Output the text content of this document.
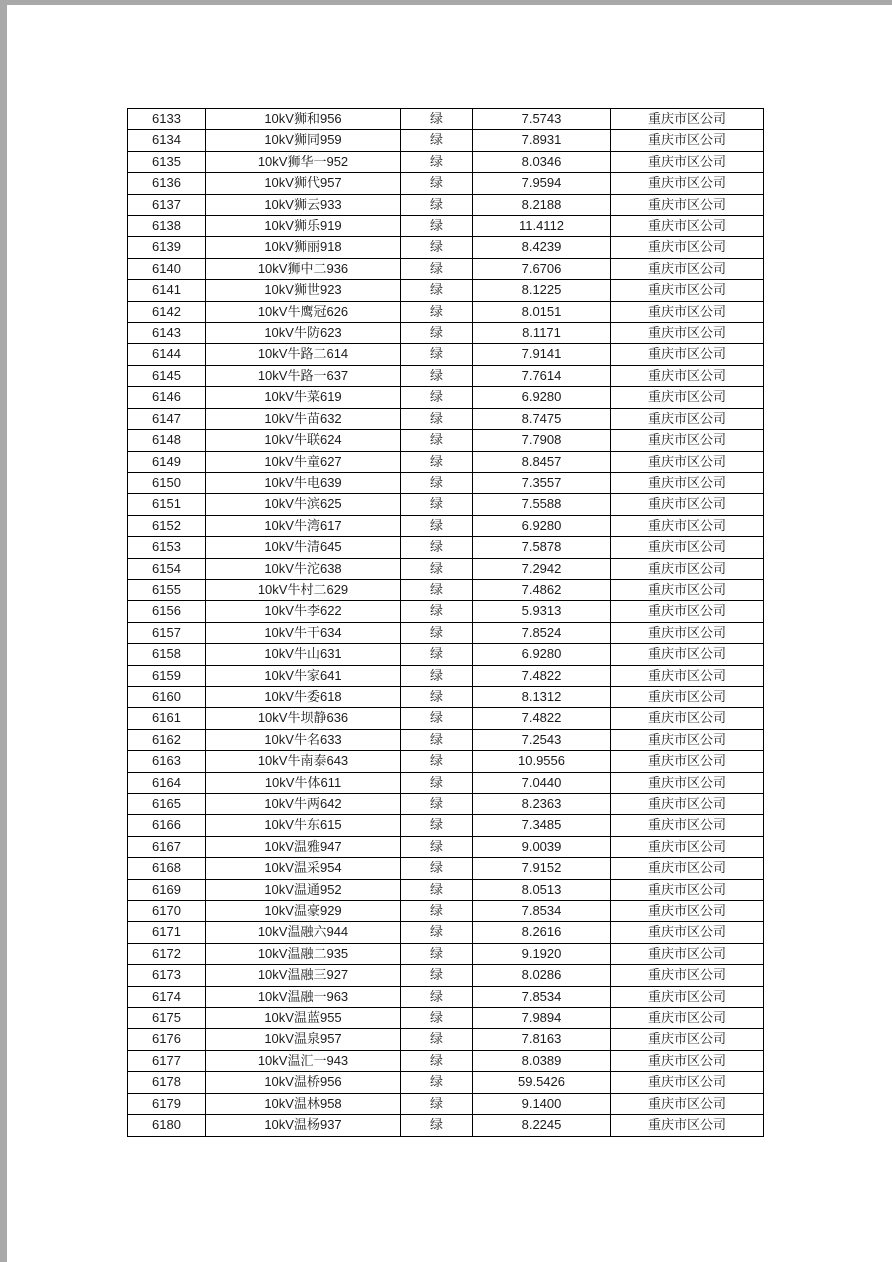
6133	10kV狮和956	绿	7.5743	重庆市区公司
6134	10kV狮同959	绿	7.8931	重庆市区公司
6135	10kV狮华一952	绿	8.0346	重庆市区公司
6136	10kV狮代957	绿	7.9594	重庆市区公司
6137	10kV狮云933	绿	8.2188	重庆市区公司
6138	10kV狮乐919	绿	11.4112	重庆市区公司
6139	10kV狮丽918	绿	8.4239	重庆市区公司
6140	10kV狮中二936	绿	7.6706	重庆市区公司
6141	10kV狮世923	绿	8.1225	重庆市区公司
6142	10kV牛鹰冠626	绿	8.0151	重庆市区公司
6143	10kV牛防623	绿	8.1171	重庆市区公司
6144	10kV牛路二614	绿	7.9141	重庆市区公司
6145	10kV牛路一637	绿	7.7614	重庆市区公司
6146	10kV牛菜619	绿	6.9280	重庆市区公司
6147	10kV牛苗632	绿	8.7475	重庆市区公司
6148	10kV牛联624	绿	7.7908	重庆市区公司
6149	10kV牛童627	绿	8.8457	重庆市区公司
6150	10kV牛电639	绿	7.3557	重庆市区公司
6151	10kV牛滨625	绿	7.5588	重庆市区公司
6152	10kV牛湾617	绿	6.9280	重庆市区公司
6153	10kV牛清645	绿	7.5878	重庆市区公司
6154	10kV牛沱638	绿	7.2942	重庆市区公司
6155	10kV牛村二629	绿	7.4862	重庆市区公司
6156	10kV牛李622	绿	5.9313	重庆市区公司
6157	10kV牛干634	绿	7.8524	重庆市区公司
6158	10kV牛山631	绿	6.9280	重庆市区公司
6159	10kV牛家641	绿	7.4822	重庆市区公司
6160	10kV牛委618	绿	8.1312	重庆市区公司
6161	10kV牛坝静636	绿	7.4822	重庆市区公司
6162	10kV牛名633	绿	7.2543	重庆市区公司
6163	10kV牛南泰643	绿	10.9556	重庆市区公司
6164	10kV牛体611	绿	7.0440	重庆市区公司
6165	10kV牛两642	绿	8.2363	重庆市区公司
6166	10kV牛东615	绿	7.3485	重庆市区公司
6167	10kV温雅947	绿	9.0039	重庆市区公司
6168	10kV温采954	绿	7.9152	重庆市区公司
6169	10kV温通952	绿	8.0513	重庆市区公司
6170	10kV温豪929	绿	7.8534	重庆市区公司
6171	10kV温融六944	绿	8.2616	重庆市区公司
6172	10kV温融二935	绿	9.1920	重庆市区公司
6173	10kV温融三927	绿	8.0286	重庆市区公司
6174	10kV温融一963	绿	7.8534	重庆市区公司
6175	10kV温蓝955	绿	7.9894	重庆市区公司
6176	10kV温泉957	绿	7.8163	重庆市区公司
6177	10kV温汇一943	绿	8.0389	重庆市区公司
6178	10kV温桥956	绿	59.5426	重庆市区公司
6179	10kV温林958	绿	9.1400	重庆市区公司
6180	10kV温杨937	绿	8.2245	重庆市区公司
